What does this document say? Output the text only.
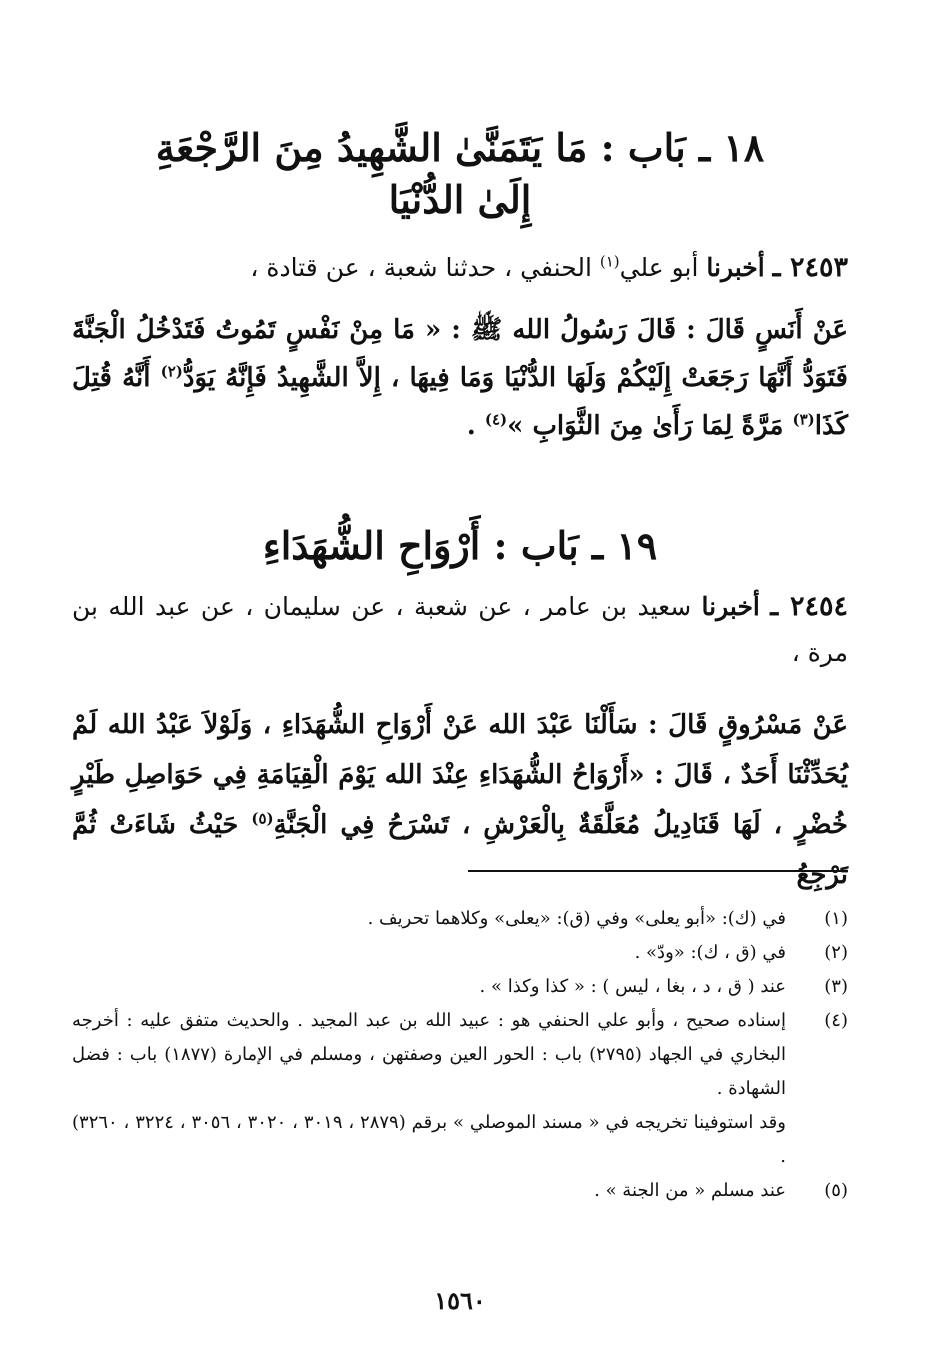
١٨ ـ بَاب : مَا يَتَمَنَّىٰ الشَّهِيدُ مِنَ الرَّجْعَةِ
إِلَىٰ الدُّنْيَا

٢٤٥٣ ـ أخبرنا أبو علي$^{(١)}$ الحنفي ، حدثنا شعبة ، عن قتادة ،

عَنْ أَنَسٍ قَالَ : قَالَ رَسُولُ الله ﷺ : « مَا مِنْ نَفْسٍ تَمُوتُ فَتَدْخُلُ الْجَنَّةَ فَتَوَدُّ أَنَّهَا رَجَعَتْ إِلَيْكُمْ وَلَهَا الدُّنْيَا وَمَا فِيهَا ، إِلاَّ الشَّهِيدُ فَإِنَّهُ يَوَدُّ$^{(٢)}$ أَنَّهُ قُتِلَ كَذَا$^{(٣)}$ مَرَّةً لِمَا رَأَىٰ مِنَ الثَّوَابِ »$^{(٤)}$ .

١٩ ـ بَاب : أَرْوَاحِ الشُّهَدَاءِ

٢٤٥٤ ـ أخبرنا سعيد بن عامر ، عن شعبة ، عن سليمان ، عن عبد الله بن مرة ،

عَنْ مَسْرُوقٍ قَالَ : سَأَلْنَا عَبْدَ الله عَنْ أَرْوَاحِ الشُّهَدَاءِ ، وَلَوْلاَ عَبْدُ الله لَمْ يُحَدِّثْنَا أَحَدٌ ، قَالَ : «أَرْوَاحُ الشُّهَدَاءِ عِنْدَ الله يَوْمَ الْقِيَامَةِ فِي حَوَاصِلِ طَيْرٍ خُضْرٍ ، لَهَا قَنَادِيلُ مُعَلَّقَةٌ بِالْعَرْشِ ، تَسْرَحُ فِي الْجَنَّةِ$^{(٥)}$ حَيْثُ شَاءَتْ ثُمَّ تَرْجِعُ

(١)
في (ك): «أبو يعلى» وفي (ق): «يعلى» وكلاهما تحريف .
(٢)
في (ق ، ك): «ودّ» .
(٣)
عند ( ق ، د ، بغا ، ليس ) : « كذا وكذا » .
(٤)
إسناده صحيح ، وأبو علي الحنفي هو : عبيد الله بن عبد المجيد . والحديث متفق عليه : أخرجه البخاري في الجهاد (٢٧٩٥) باب : الحور العين وصفتهن ، ومسلم في الإمارة (١٨٧٧) باب : فضل الشهادة .
وقد استوفينا تخريجه في « مسند الموصلي » برقم (٢٨٧٩ ، ٣٠١٩ ، ٣٠٢٠ ، ٣٠٥٦ ، ٣٢٢٤ ، ٣٢٦٠) .
(٥)
عند مسلم « من الجنة » .
١٥٦٠
